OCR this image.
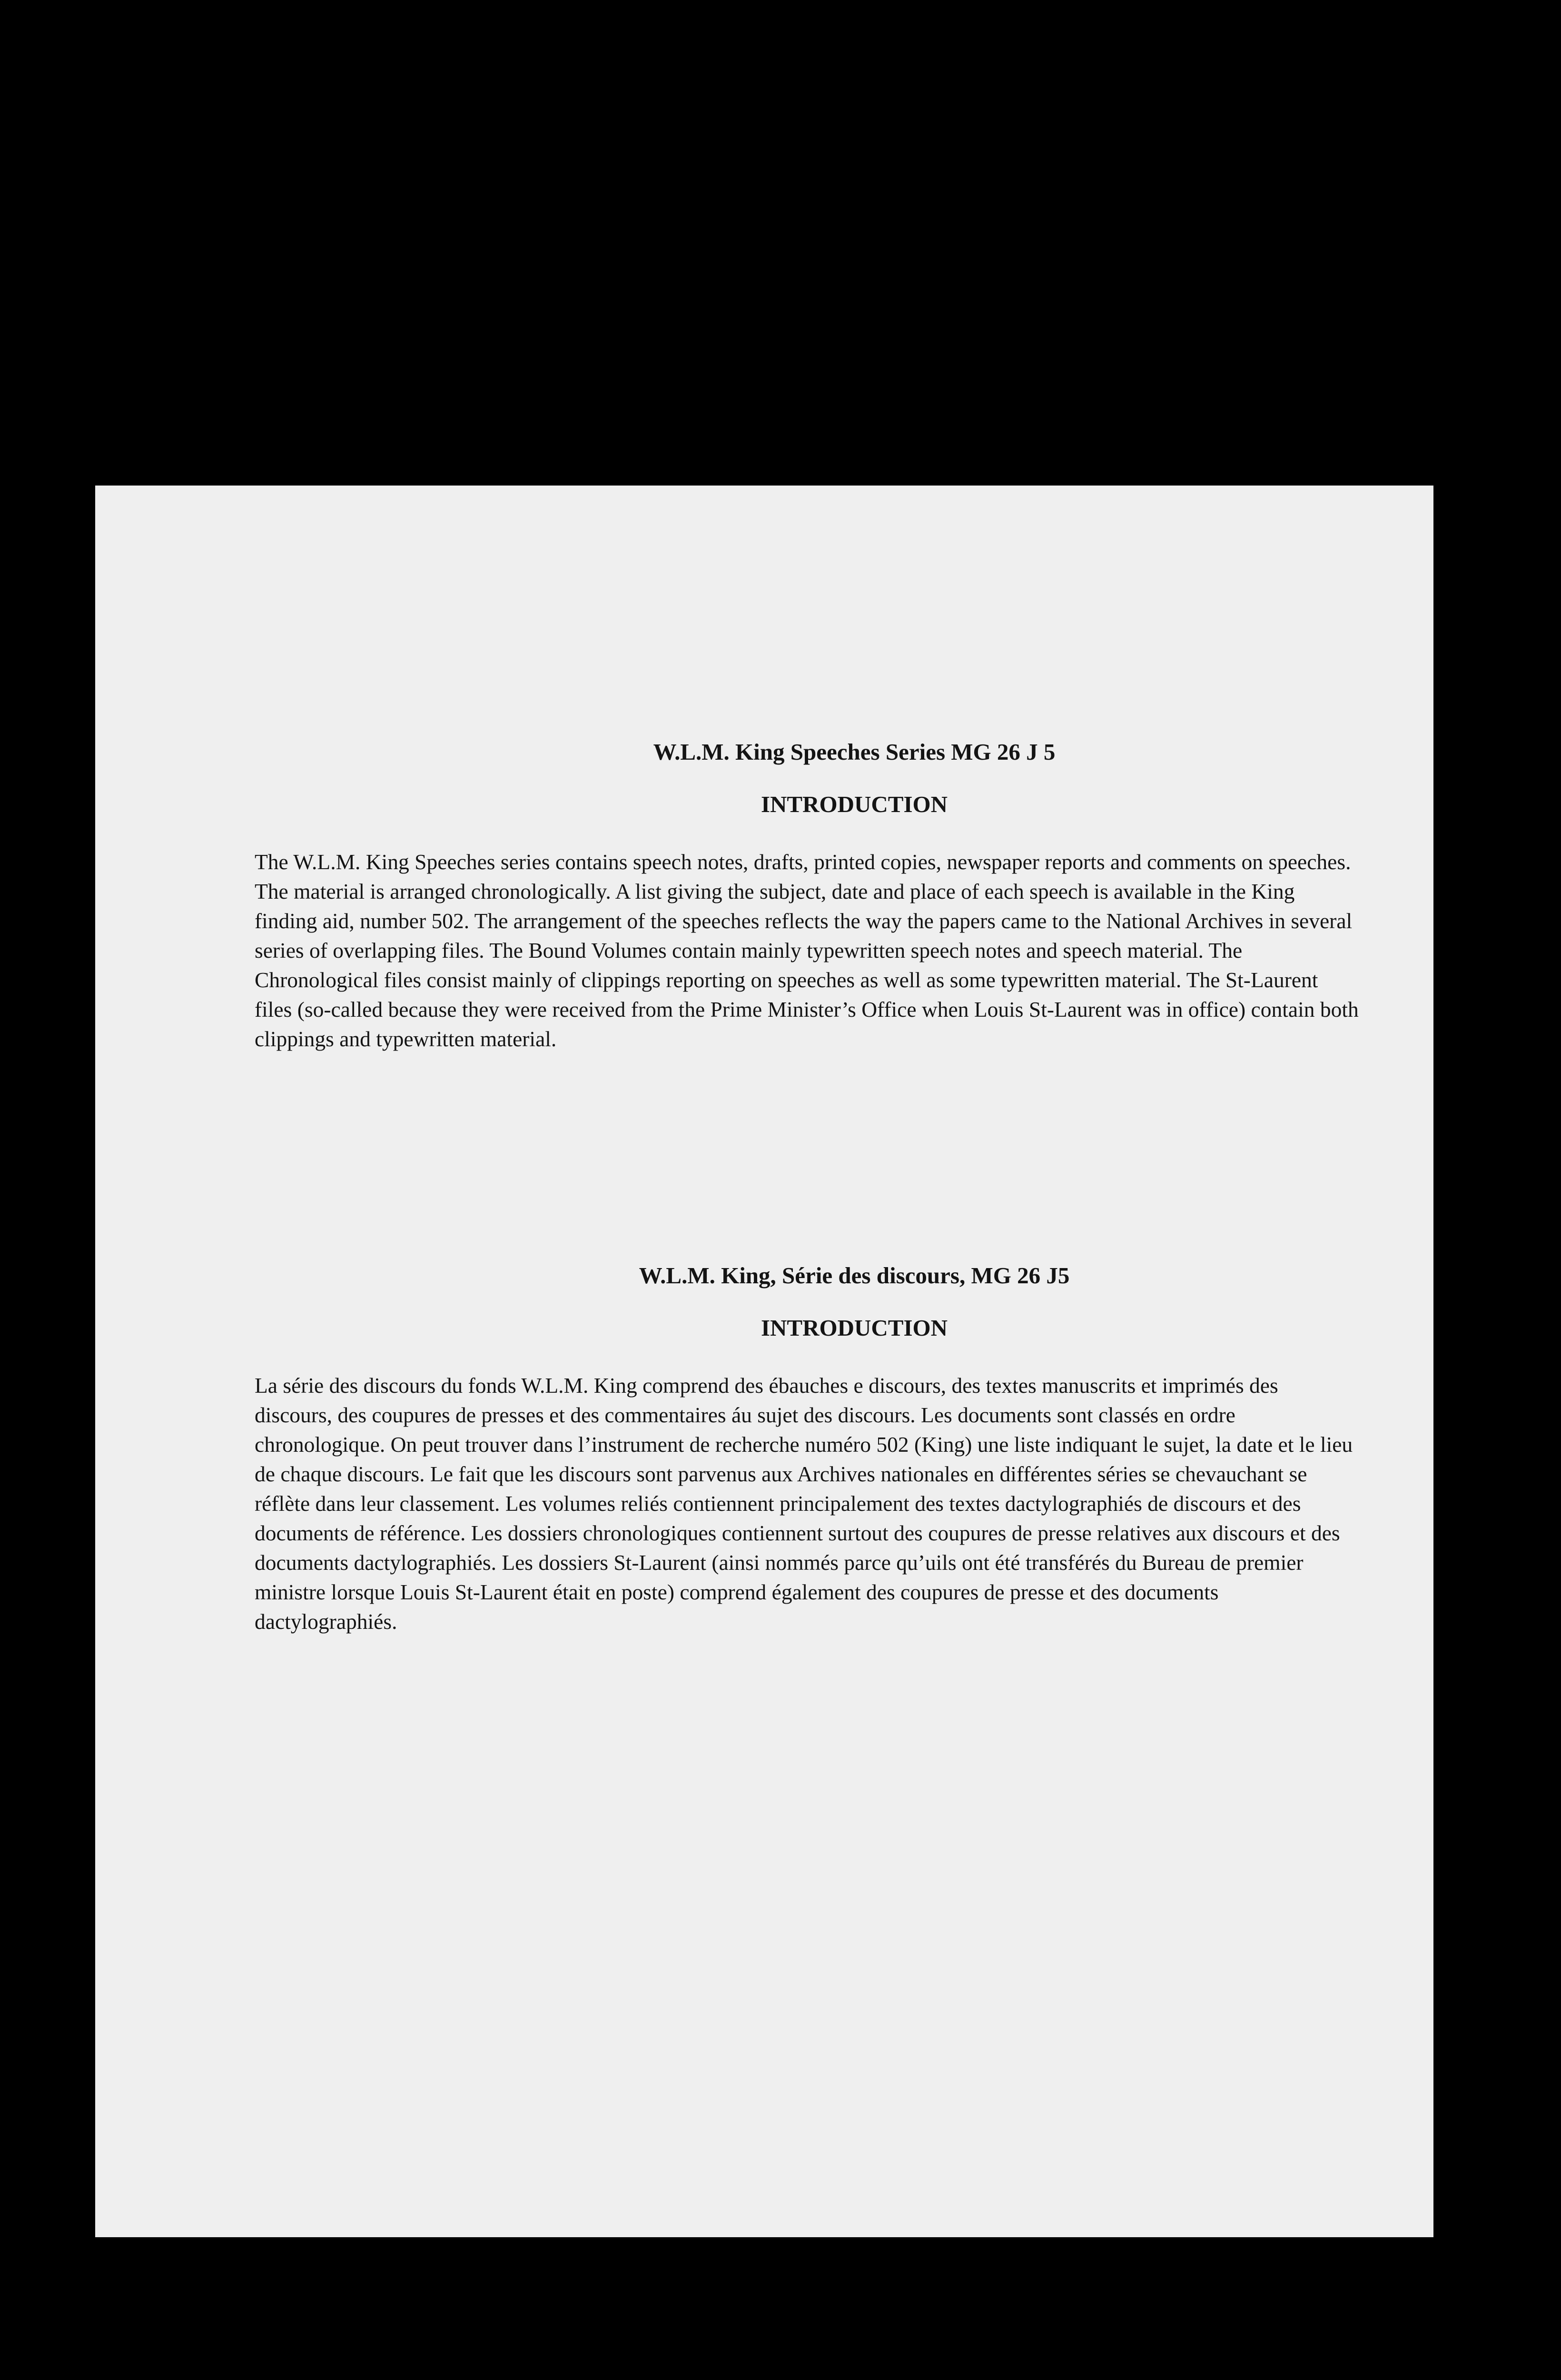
W.L.M. King Speeches Series MG 26 J 5
INTRODUCTION

The W.L.M. King Speeches series contains speech notes, drafts, printed copies, newspaper reports and comments on speeches. The material is arranged chronologically. A list giving the subject, date and place of each speech is available in the King finding aid, number 502. The arrangement of the speeches reflects the way the papers came to the National Archives in several series of overlapping files. The Bound Volumes contain mainly typewritten speech notes and speech material. The Chronological files consist mainly of clippings reporting on speeches as well as some typewritten material. The St-Laurent files (so-called because they were received from the Prime Minister’s Office when Louis St-Laurent was in office) contain both clippings and typewritten material.

W.L.M. King, Série des discours, MG 26 J5
INTRODUCTION

La série des discours du fonds W.L.M. King comprend des ébauches e discours, des textes manuscrits et imprimés des discours, des coupures de presses et des commentaires áu sujet des discours. Les documents sont classés en ordre chronologique. On peut trouver dans l’instrument de recherche numéro 502 (King) une liste indiquant le sujet, la date et le lieu de chaque discours. Le fait que les discours sont parvenus aux Archives nationales en différentes séries se chevauchant se réflète dans leur classement. Les volumes reliés contiennent principalement des textes dactylographiés de discours et des documents de référence. Les dossiers chronologiques contiennent surtout des coupures de presse relatives aux discours et des documents dactylographiés. Les dossiers St-Laurent (ainsi nommés parce qu’uils ont été transférés du Bureau de premier ministre lorsque Louis St-Laurent était en poste) comprend également des coupures de presse et des documents dactylographiés.
